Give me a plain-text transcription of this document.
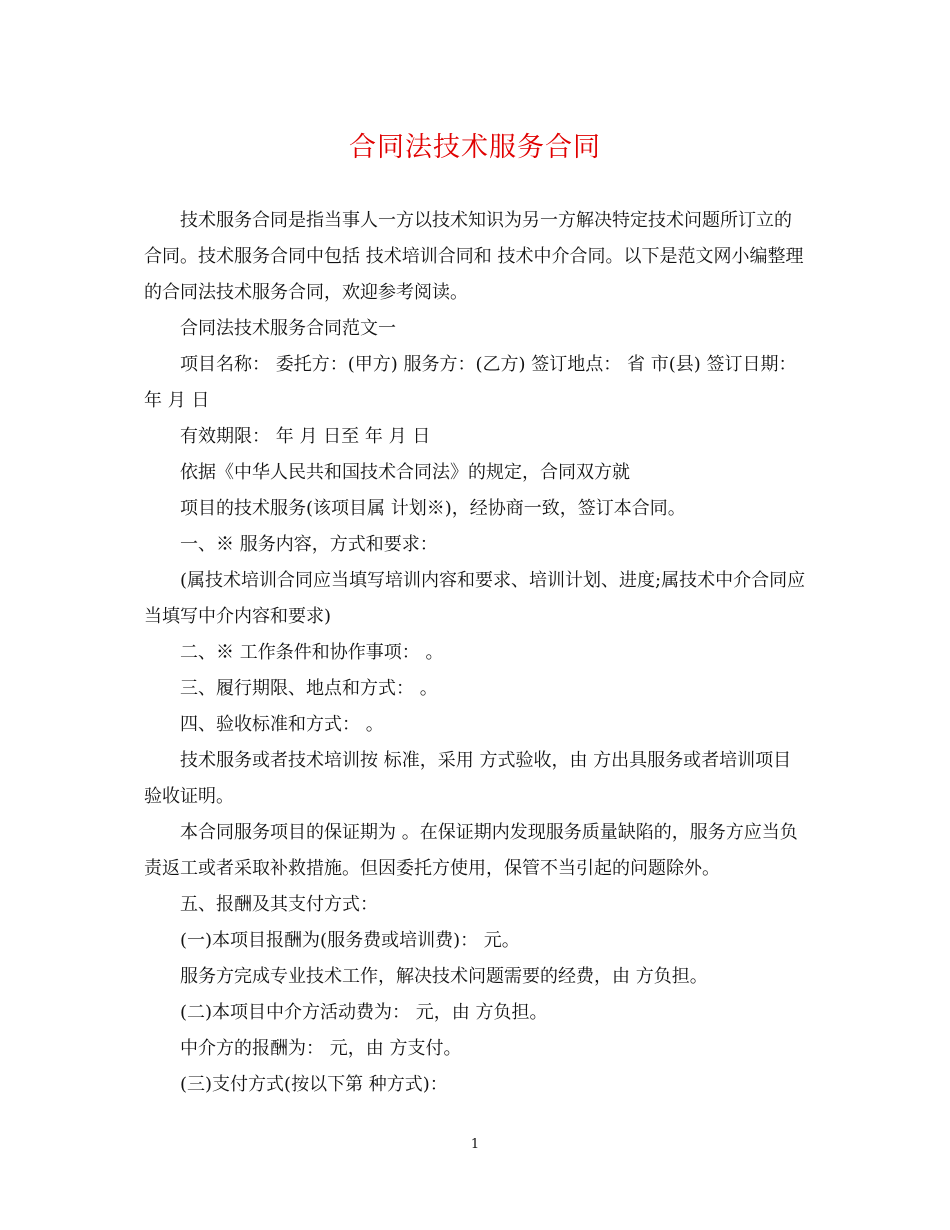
合同法技术服务合同

技术服务合同是指当事人一方以技术知识为另一方解决特定技术问题所订立的合同。技术服务合同中包括 技术培训合同和 技术中介合同。以下是范文网小编整理的合同法技术服务合同，欢迎参考阅读。

合同法技术服务合同范文一

项目名称： 委托方：(甲方) 服务方：(乙方) 签订地点： 省 市(县) 签订日期： 年 月 日

有效期限： 年 月 日至 年 月 日

依据《中华人民共和国技术合同法》的规定，合同双方就

项目的技术服务(该项目属 计划※)，经协商一致，签订本合同。

一、※ 服务内容，方式和要求：

(属技术培训合同应当填写培训内容和要求、培训计划、进度;属技术中介合同应当填写中介内容和要求)

二、※ 工作条件和协作事项： 。

三、履行期限、地点和方式： 。

四、验收标准和方式： 。

技术服务或者技术培训按 标准，采用 方式验收，由 方出具服务或者培训项目验收证明。

本合同服务项目的保证期为 。在保证期内发现服务质量缺陷的，服务方应当负责返工或者采取补救措施。但因委托方使用，保管不当引起的问题除外。

五、报酬及其支付方式：

(一)本项目报酬为(服务费或培训费)： 元。

服务方完成专业技术工作，解决技术问题需要的经费，由 方负担。

(二)本项目中介方活动费为： 元，由 方负担。

中介方的报酬为： 元，由 方支付。

(三)支付方式(按以下第 种方式)：

1
